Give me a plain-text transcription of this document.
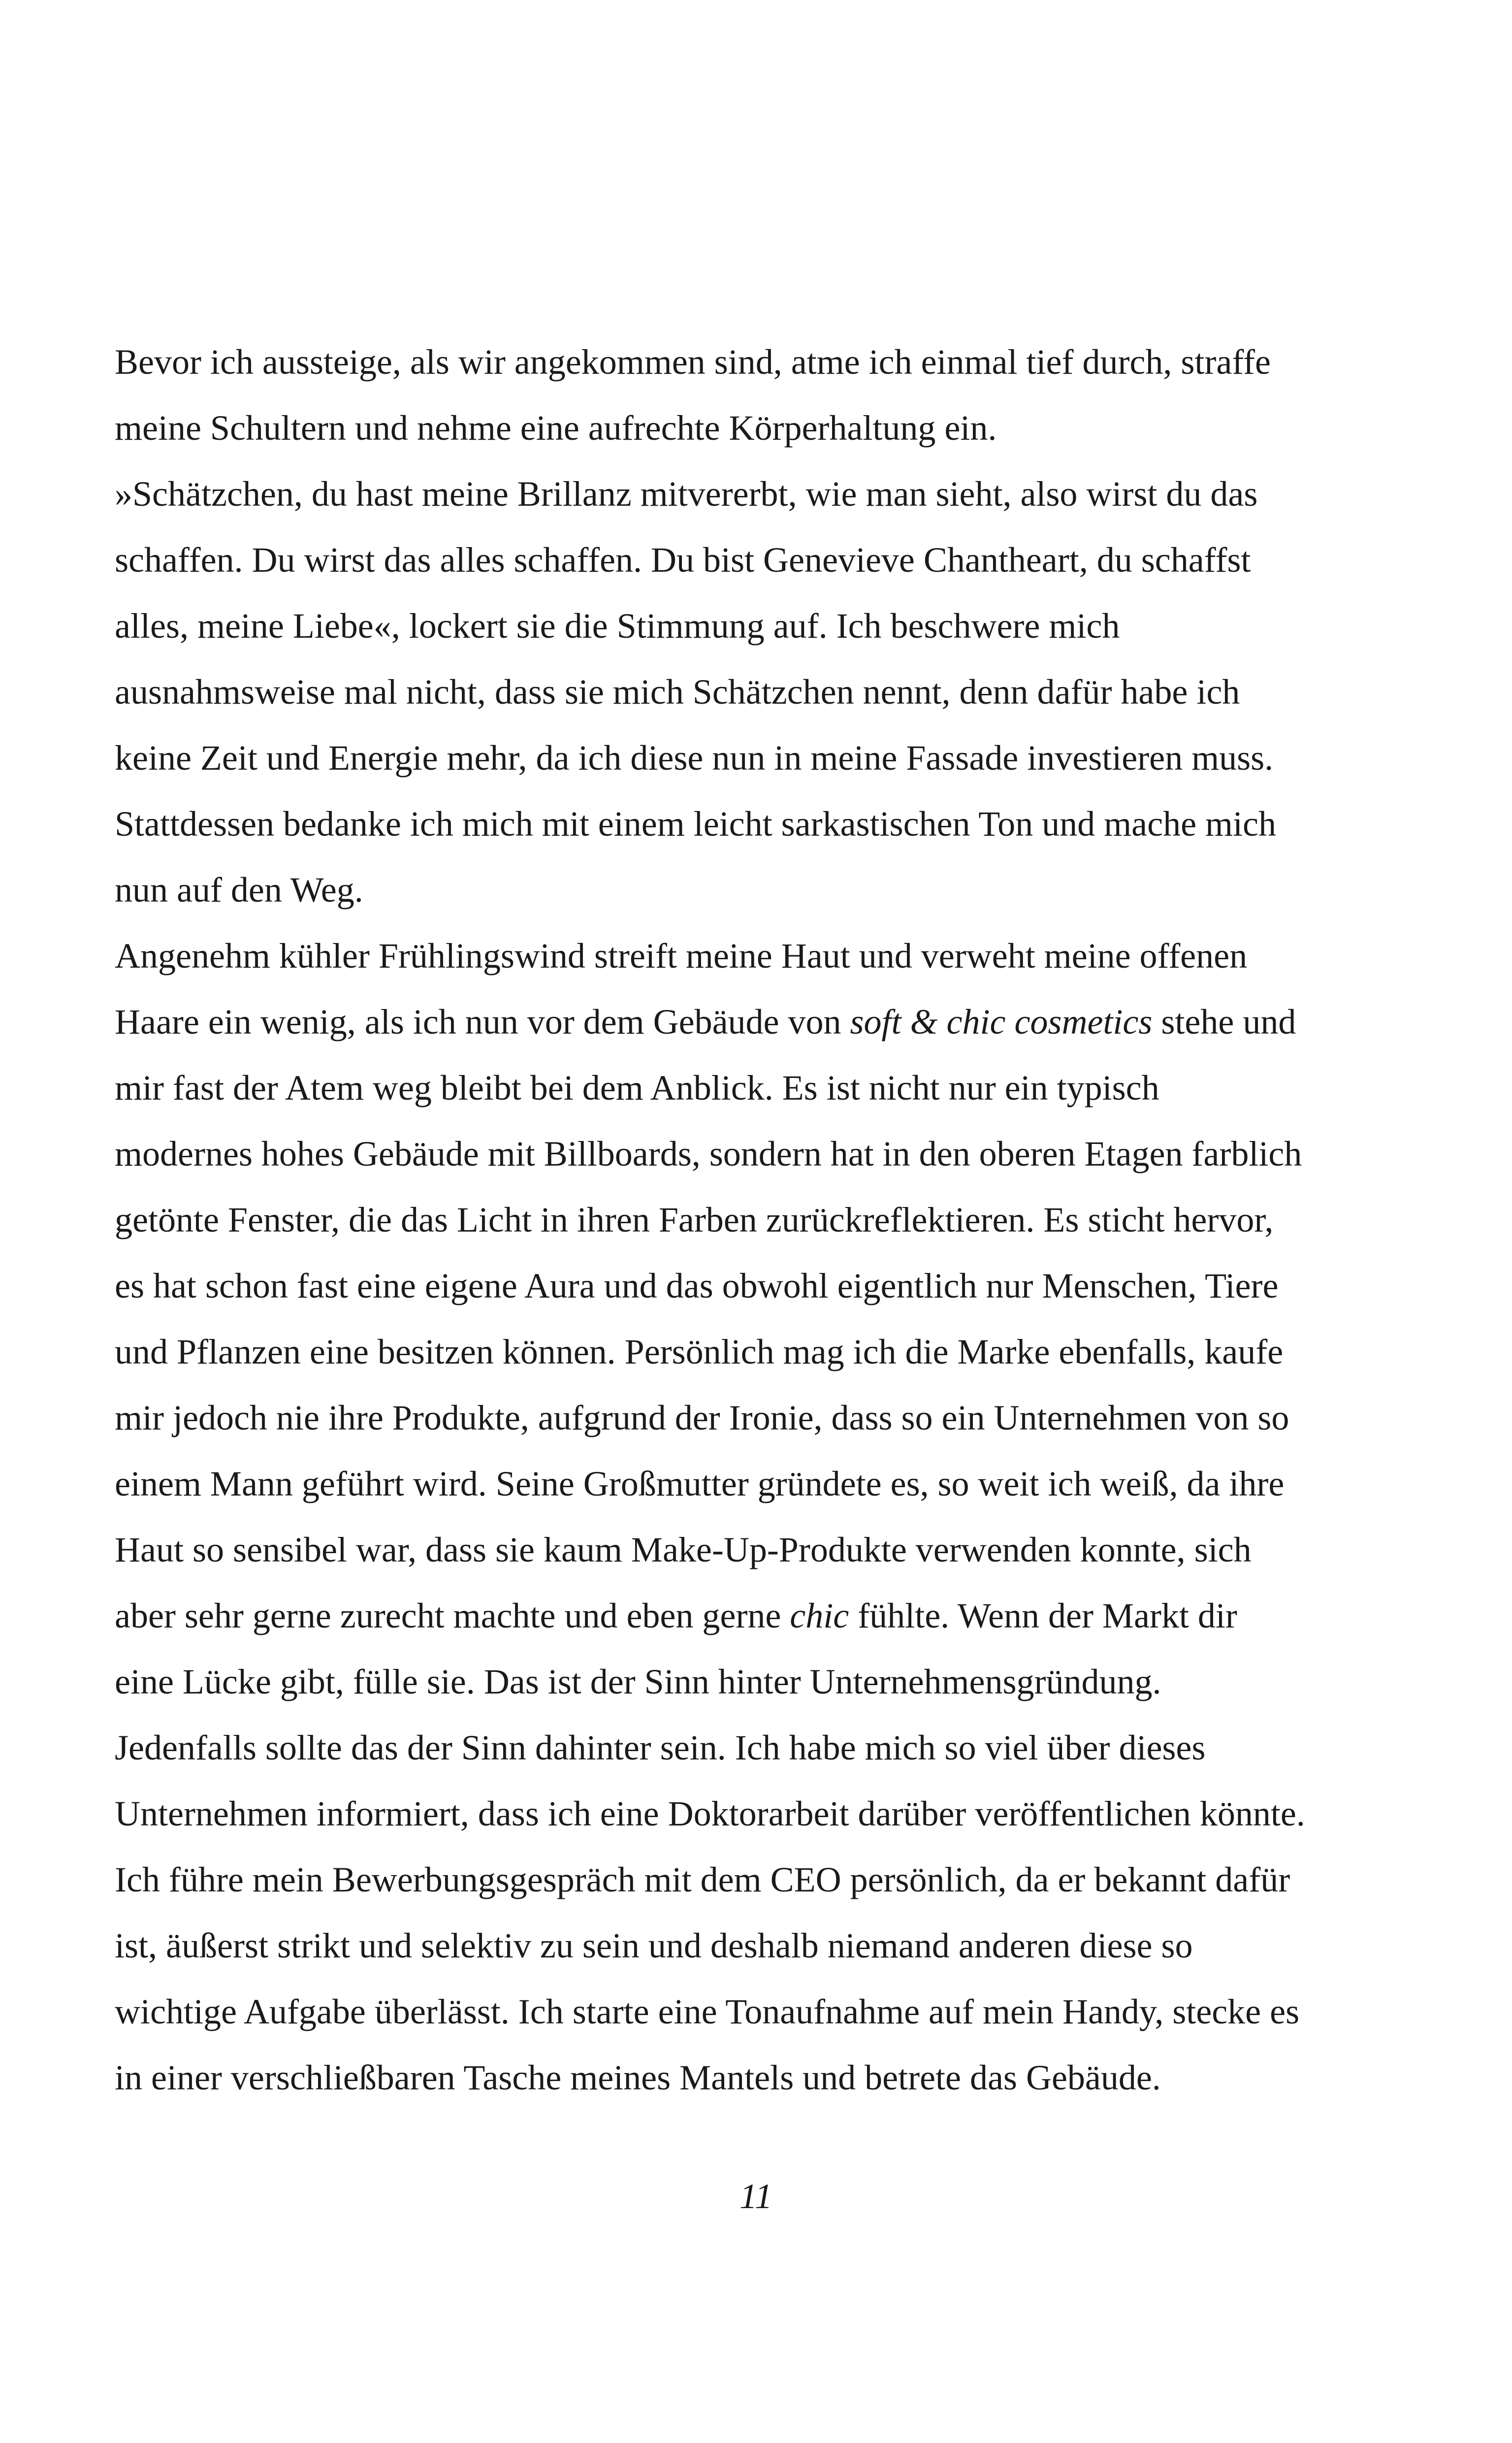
Bevor ich aussteige, als wir angekommen sind, atme ich einmal tief durch, straffe
meine Schultern und nehme eine aufrechte Körperhaltung ein.
»Schätzchen, du hast meine Brillanz mitvererbt, wie man sieht, also wirst du das
schaffen. Du wirst das alles schaffen. Du bist Genevieve Chantheart, du schaffst
alles, meine Liebe«, lockert sie die Stimmung auf. Ich beschwere mich
ausnahmsweise mal nicht, dass sie mich Schätzchen nennt, denn dafür habe ich
keine Zeit und Energie mehr, da ich diese nun in meine Fassade investieren muss.
Stattdessen bedanke ich mich mit einem leicht sarkastischen Ton und mache mich
nun auf den Weg.
Angenehm kühler Frühlingswind streift meine Haut und verweht meine offenen
Haare ein wenig, als ich nun vor dem Gebäude von soft & chic cosmetics stehe und
mir fast der Atem weg bleibt bei dem Anblick. Es ist nicht nur ein typisch
modernes hohes Gebäude mit Billboards, sondern hat in den oberen Etagen farblich
getönte Fenster, die das Licht in ihren Farben zurückreflektieren. Es sticht hervor,
es hat schon fast eine eigene Aura und das obwohl eigentlich nur Menschen, Tiere
und Pflanzen eine besitzen können. Persönlich mag ich die Marke ebenfalls, kaufe
mir jedoch nie ihre Produkte, aufgrund der Ironie, dass so ein Unternehmen von so
einem Mann geführt wird. Seine Großmutter gründete es, so weit ich weiß, da ihre
Haut so sensibel war, dass sie kaum Make-Up-Produkte verwenden konnte, sich
aber sehr gerne zurecht machte und eben gerne chic fühlte. Wenn der Markt dir
eine Lücke gibt, fülle sie. Das ist der Sinn hinter Unternehmensgründung.
Jedenfalls sollte das der Sinn dahinter sein. Ich habe mich so viel über dieses
Unternehmen informiert, dass ich eine Doktorarbeit darüber veröffentlichen könnte.
Ich führe mein Bewerbungsgespräch mit dem CEO persönlich, da er bekannt dafür
ist, äußerst strikt und selektiv zu sein und deshalb niemand anderen diese so
wichtige Aufgabe überlässt. Ich starte eine Tonaufnahme auf mein Handy, stecke es
in einer verschließbaren Tasche meines Mantels und betrete das Gebäude.
11
